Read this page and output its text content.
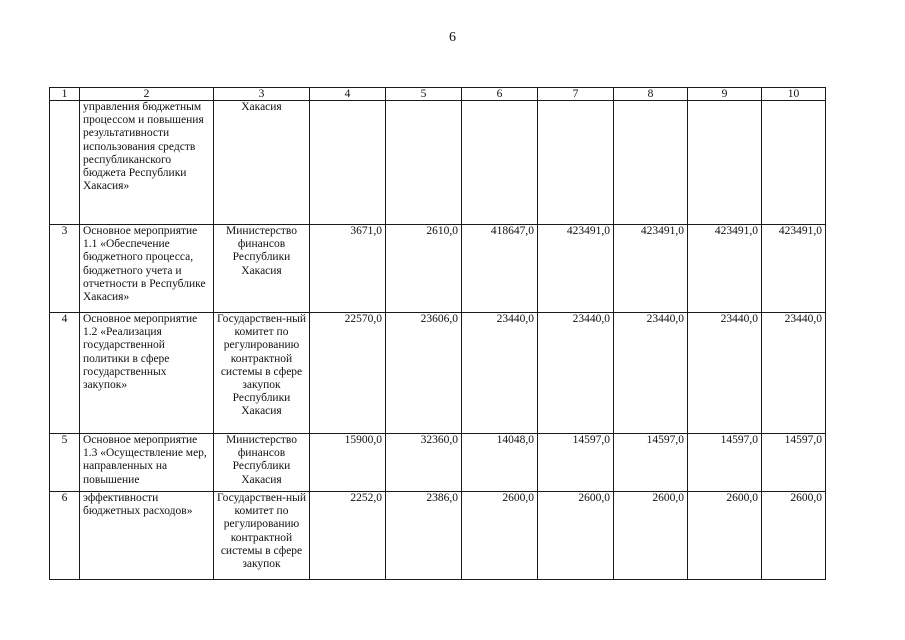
6
1	2	3	4	5	6	7	8	9	10
	управления бюджетным процессом и повышения результативности использования средств республиканского бюджета Республики Хакасия»	Хакасия							
3	Основное мероприятие 1.1 «Обеспечение бюджетного процесса, бюджетного учета и отчетности в Республике Хакасия»	Министерство финансов Республики Хакасия	3671,0	2610,0	418647,0	423491,0	423491,0	423491,0	423491,0
4	Основное мероприятие 1.2 «Реализация государственной политики в сфере государственных закупок»	Государствен-ный комитет по регулированию контрактной системы в сфере закупок Республики Хакасия	22570,0	23606,0	23440,0	23440,0	23440,0	23440,0	23440,0
5	Основное мероприятие 1.3 «Осуществление мер, направленных на повышение	Министерство финансов Республики Хакасия	15900,0	32360,0	14048,0	14597,0	14597,0	14597,0	14597,0
6	эффективности бюджетных расходов»	Государствен-ный комитет по регулированию контрактной системы в сфере закупок	2252,0	2386,0	2600,0	2600,0	2600,0	2600,0	2600,0
